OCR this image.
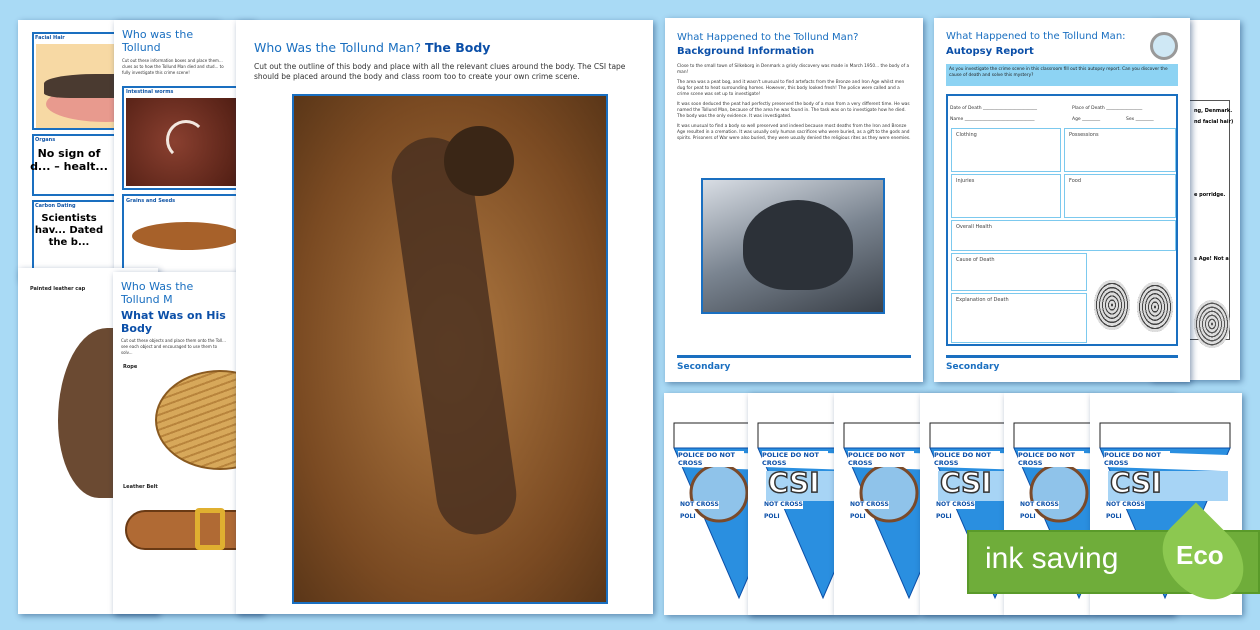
Facial Hair
Organs
No sign of d... – healt...
Carbon Dating
Scientists hav... Dated the b...
Who was the Tollund
Cut out these information boxes and place them... clues as to how the Tollund Man died and stud... to fully investigate this crime scene!
Intestinal worms
Grains and Seeds
Painted leather cap	Who Was the Tollund M
What Was on His Body
Cut out these objects and place them onto the Toll... see each object and encouraged to use them to solv...
Rope
Leather Belt
Who Was the Tollund Man? The Body
Cut out the outline of this body and place with all the relevant clues around the body. The CSI tape should be placed around the body and class room too to create your own crime scene.
What Happened to the Tollund Man?
Background Information

Close to the small town of Silkeborg in Denmark a grisly discovery was made in March 1950... the body of a man!

The area was a peat bog, and it wasn't unusual to find artefacts from the Bronze and Iron Age whilst men dug for peat to heat surrounding homes. However, this body looked fresh! The police were called and a crime scene was set up to investigate!

It was soon deduced the peat had perfectly preserved the body of a man from a very different time. He was named the Tollund Man, because of the area he was found in. The task was on to investigate how he died. The body was the only evidence. It was investigated.

It was unusual to find a body so well preserved and indeed because most deaths from the Iron and Bronze Age resulted in a cremation. It was usually only human sacrifices who were buried, as a gift to the gods and spirits. Prisoners of War were also buried, they were usually denied the religious rites as they were enemies.

Secondary
ng, Denmark.
nd facial hair)
e porridge.
s Age! Not a
What Happened to the Tollund Man:
Autopsy Report
As you investigate the crime scene in this classroom fill out this autopsy report. Can you discover the cause of death and solve this mystery?
Date of Death ________________________	Place of Death ________________
Name _______________________________	Age ________	Sex ________
Clothing	Possessions
Injuries	Food
Overall Health
Cause of Death
Explanation of Death
Secondary
POLICE DO NOT CROSS
NOT CROSS
POLI
POLICE DO NOT CROSS
CSI
NOT CROSS
POLI
POLICE DO NOT CROSS
NOT CROSS
POLI
POLICE DO NOT CROSS
CSI
NOT CROSS
POLI
POLICE DO NOT CROSS
NOT CROSS
POLI
POLICE DO NOT CROSS
CSI
NOT CROSS
POLI
ink saving Eco
